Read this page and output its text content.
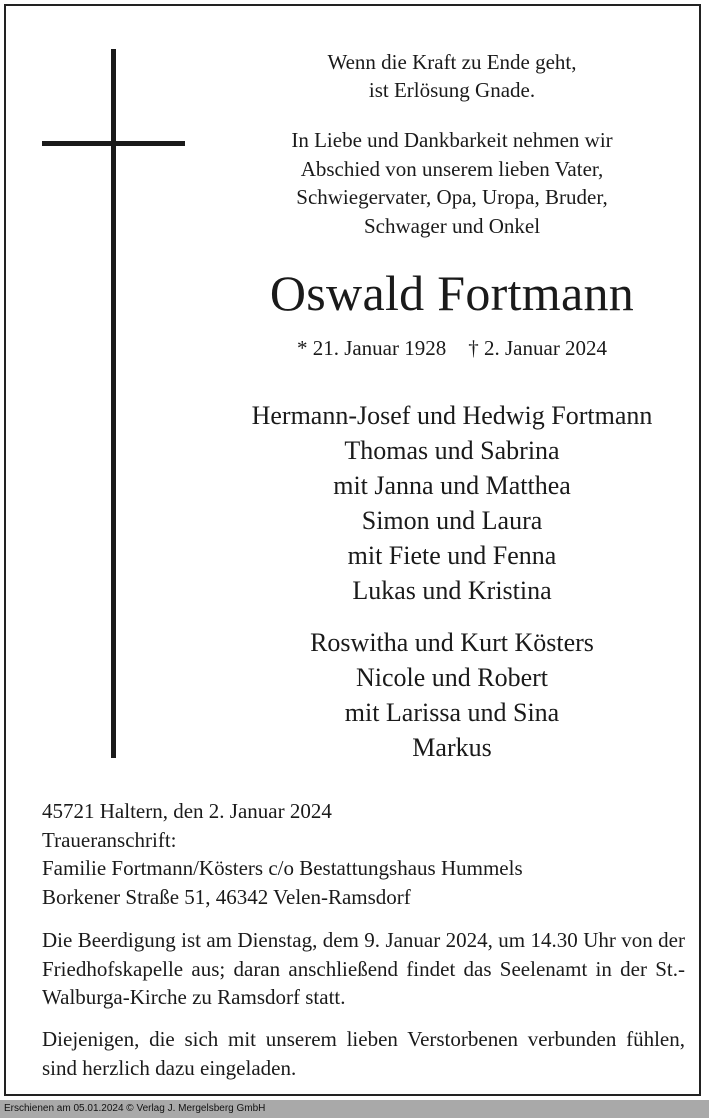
Wenn die Kraft zu Ende geht,
ist Erlösung Gnade.
In Liebe und Dankbarkeit nehmen wir
Abschied von unserem lieben Vater,
Schwiegervater, Opa, Uropa, Bruder,
Schwager und Onkel
Oswald Fortmann
* 21. Januar 1928 † 2. Januar 2024
Hermann-Josef und Hedwig Fortmann
Thomas und Sabrina
mit Janna und Matthea
Simon und Laura
mit Fiete und Fenna
Lukas und Kristina
Roswitha und Kurt Kösters
Nicole und Robert
mit Larissa und Sina
Markus
45721 Haltern, den 2. Januar 2024
Traueranschrift:
Familie Fortmann/Kösters c/o Bestattungshaus Hummels
Borkener Straße 51, 46342 Velen-Ramsdorf
Die Beerdigung ist am Dienstag, dem 9. Januar 2024, um 14.30 Uhr von der Friedhofskapelle aus; daran anschließend findet das Seelenamt in der St.-Walburga-Kirche zu Ramsdorf statt.
Diejenigen, die sich mit unserem lieben Verstorbenen verbunden fühlen, sind herzlich dazu eingeladen.
Erschienen am 05.01.2024 © Verlag J. Mergelsberg GmbH
